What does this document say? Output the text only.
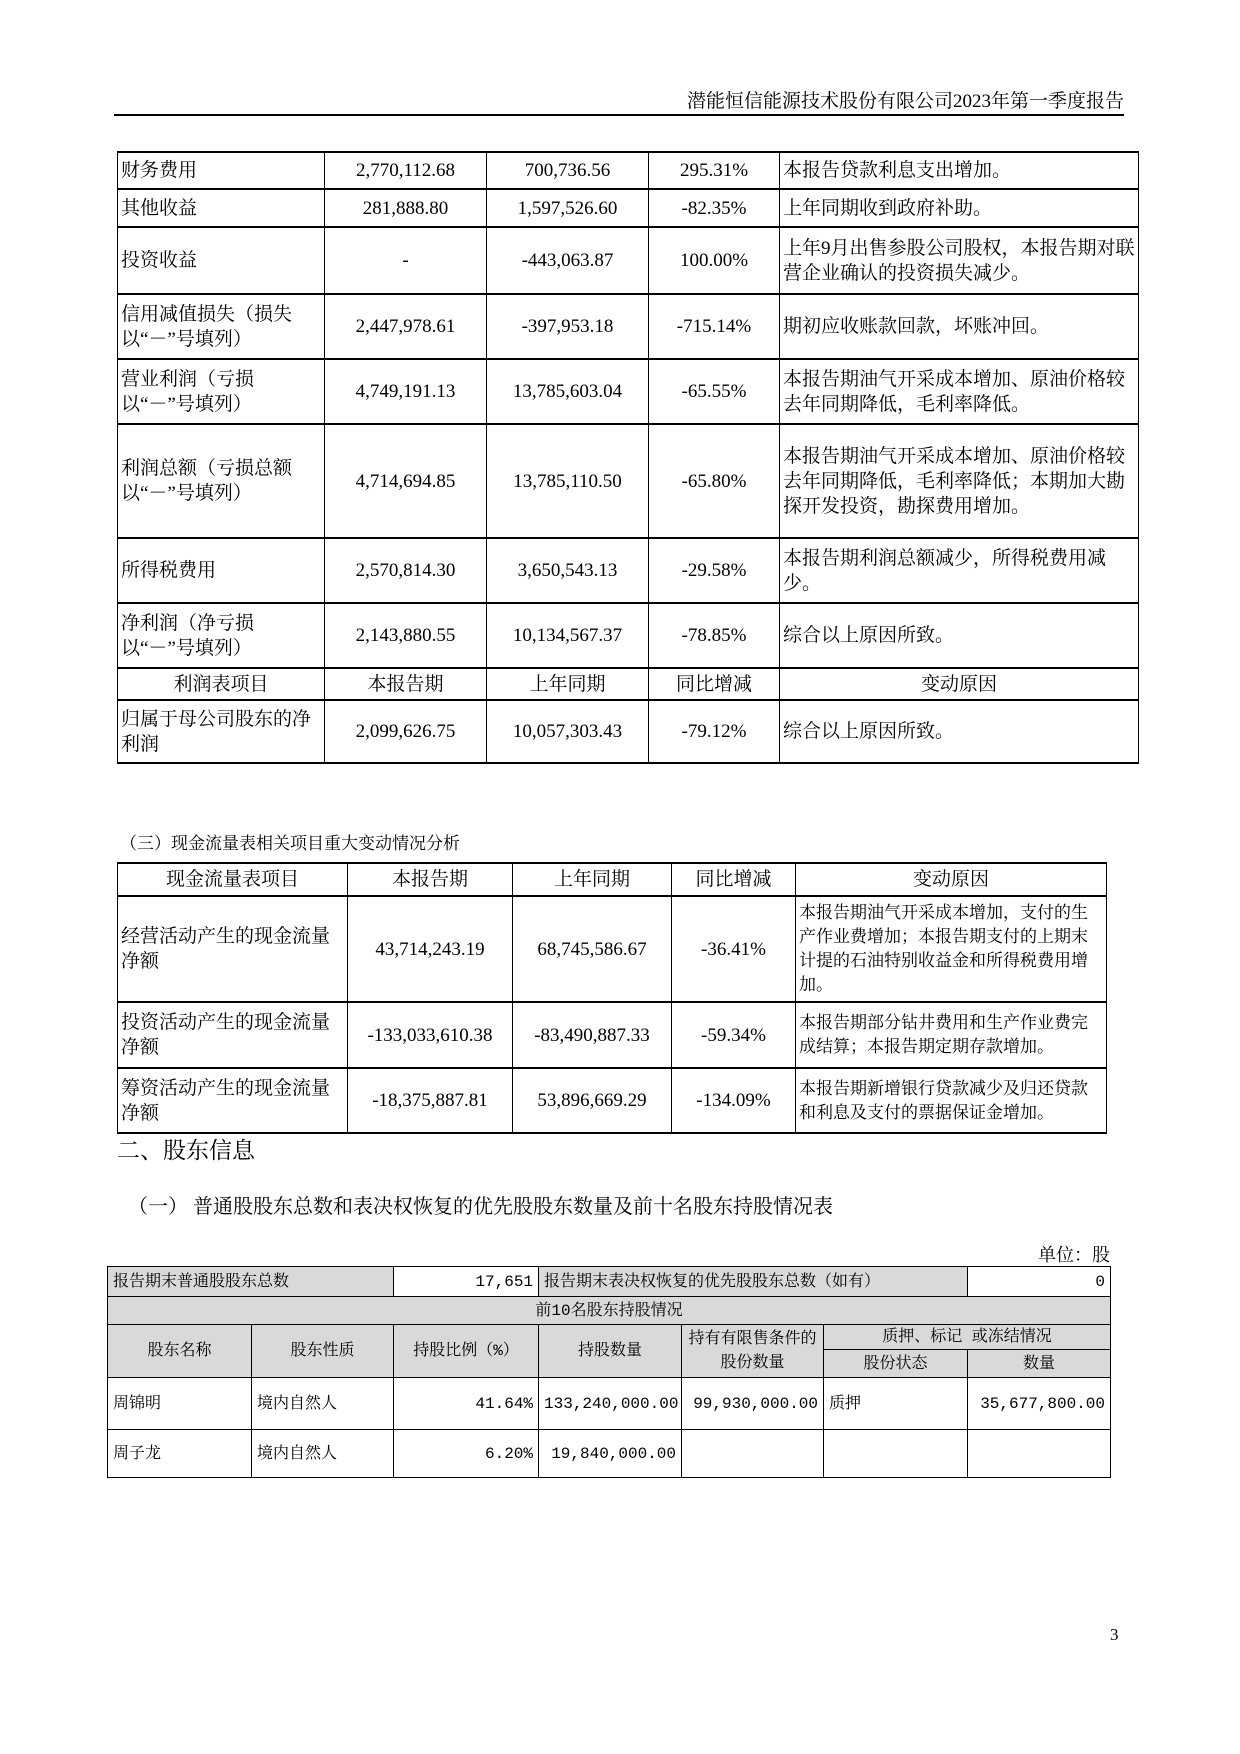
潜能恒信能源技术股份有限公司2023年第一季度报告
财务费用	2,770,112.68	700,736.56	295.31%	本报告贷款利息支出增加。
其他收益	281,888.80	1,597,526.60	-82.35%	上年同期收到政府补助。
投资收益	-	-443,063.87	100.00%	上年9月出售参股公司股权，本报告期对联营企业确认的投资损失减少。
信用减值损失（损失以“－”号填列）	2,447,978.61	-397,953.18	-715.14%	期初应收账款回款，坏账冲回。
营业利润（亏损以“－”号填列）	4,749,191.13	13,785,603.04	-65.55%	本报告期油气开采成本增加、原油价格较去年同期降低，毛利率降低。
利润总额（亏损总额以“－”号填列）	4,714,694.85	13,785,110.50	-65.80%	本报告期油气开采成本增加、原油价格较去年同期降低，毛利率降低；本期加大勘探开发投资，勘探费用增加。
所得税费用	2,570,814.30	3,650,543.13	-29.58%	本报告期利润总额减少，所得税费用减少。
净利润（净亏损以“－”号填列）	2,143,880.55	10,134,567.37	-78.85%	综合以上原因所致。
利润表项目	本报告期	上年同期	同比增减	变动原因
归属于母公司股东的净利润	2,099,626.75	10,057,303.43	-79.12%	综合以上原因所致。
（三）现金流量表相关项目重大变动情况分析
现金流量表项目	本报告期	上年同期	同比增减	变动原因
经营活动产生的现金流量净额	43,714,243.19	68,745,586.67	-36.41%	本报告期油气开采成本增加，支付的生产作业费增加；本报告期支付的上期末计提的石油特别收益金和所得税费用增加。
投资活动产生的现金流量净额	-133,033,610.38	-83,490,887.33	-59.34%	本报告期部分钻井费用和生产作业费完成结算；本报告期定期存款增加。
筹资活动产生的现金流量净额	-18,375,887.81	53,896,669.29	-134.09%	本报告期新增银行贷款减少及归还贷款和利息及支付的票据保证金增加。
二、股东信息
（一） 普通股股东总数和表决权恢复的优先股股东数量及前十名股东持股情况表
单位：股
报告期末普通股股东总数		17,651	报告期末表决权恢复的优先股股东总数（如有）			0
前10名股东持股情况						
股东名称	股东性质	持股比例（%）	持股数量	持有有限售条件的股份数量	质押、标记 或冻结情况	
					股份状态	数量
周锦明	境内自然人	41.64%	133,240,000.00	99,930,000.00	质押	35,677,800.00
周子龙	境内自然人	6.20%	19,840,000.00			
3
